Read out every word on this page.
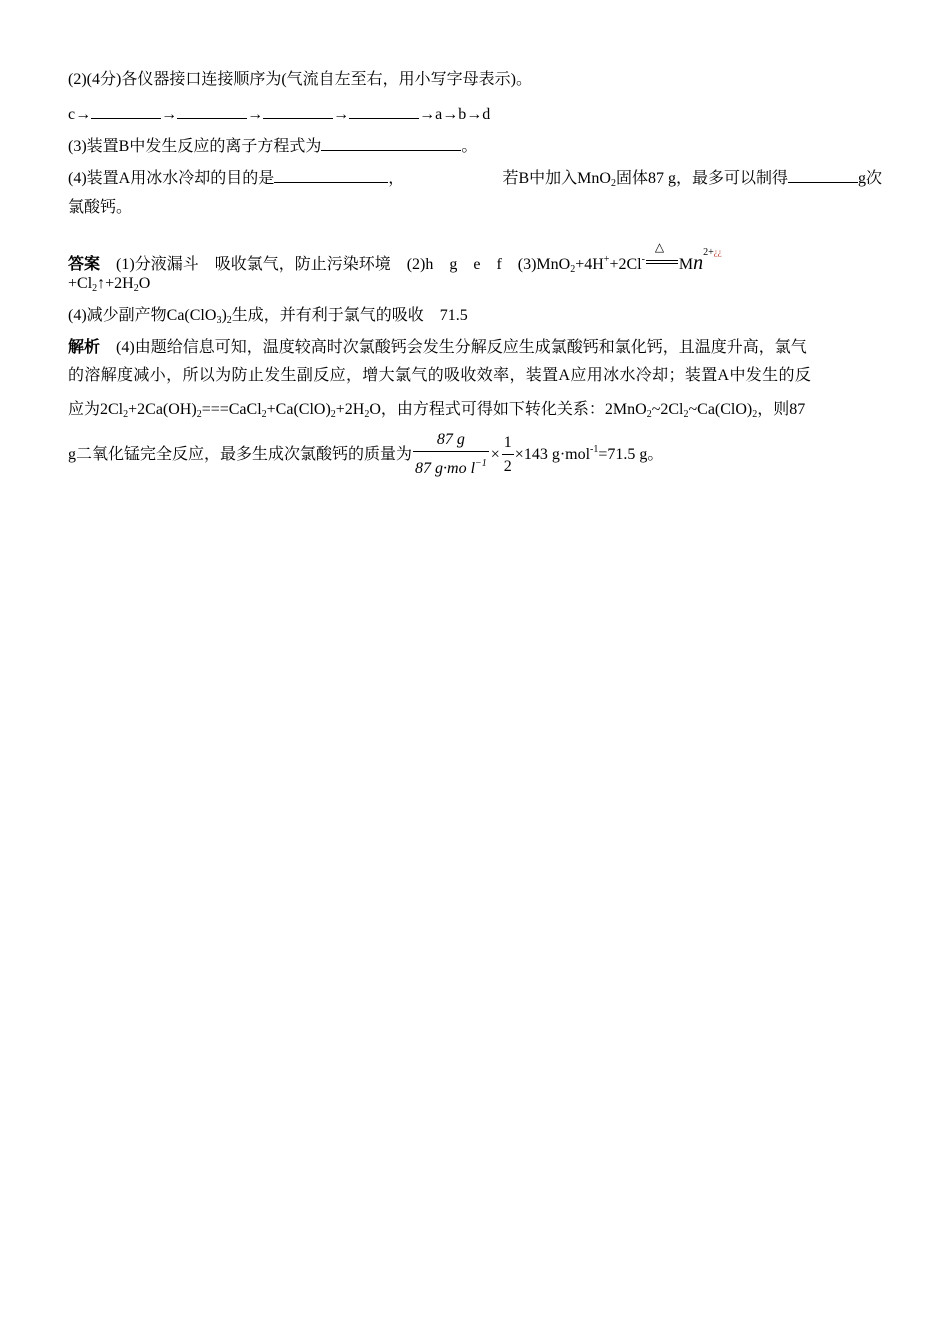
(2)(4分)各仪器接口连接顺序为(气流自左至右，用小写字母表示)。
c→	→	→	→	→a→b→d
(3)装置B中发生反应的离子方程式为	。
(4)装置A用冰水冷却的目的是	，	若B中加入MnO$_2$固体87 g，最多可以制得	g次
氯酸钙。
答案　 (1)分液漏斗　吸收氯气，防止污染环境　(2)h　g　e　f　(3)MnO$_2$+4H++2Cl-
△
$Mn^{2+¿¿}$
$+Cl_2↑+2H_2O$
(4)减少副产物$Ca(ClO_3)_2$生成，并有利于氯气的吸收　71.5
解析　 (4)由题给信息可知，温度较高时次氯酸钙会发生分解反应生成氯酸钙和氯化钙，且温度升高，氯气
的溶解度减小，所以为防止发生副反应，增大氯气的吸收效率，装置A应用冰水冷却；装置A中发生的反
应为$2Cl_2+2Ca(OH)_2===CaCl_2+Ca(ClO)_2+2H_2O$，由方程式可得如下转化关系：$2MnO_2\sim 2Cl_2\sim Ca(ClO)_2$，则87
g二氧化锰完全反应，最多生成次氯酸钙的质量为 $\frac{87 g}{87 g\cdot mo l^{-1}} \times \frac{1}{2} \times 143$ g·mol$^{-1}$=71.5 g。
